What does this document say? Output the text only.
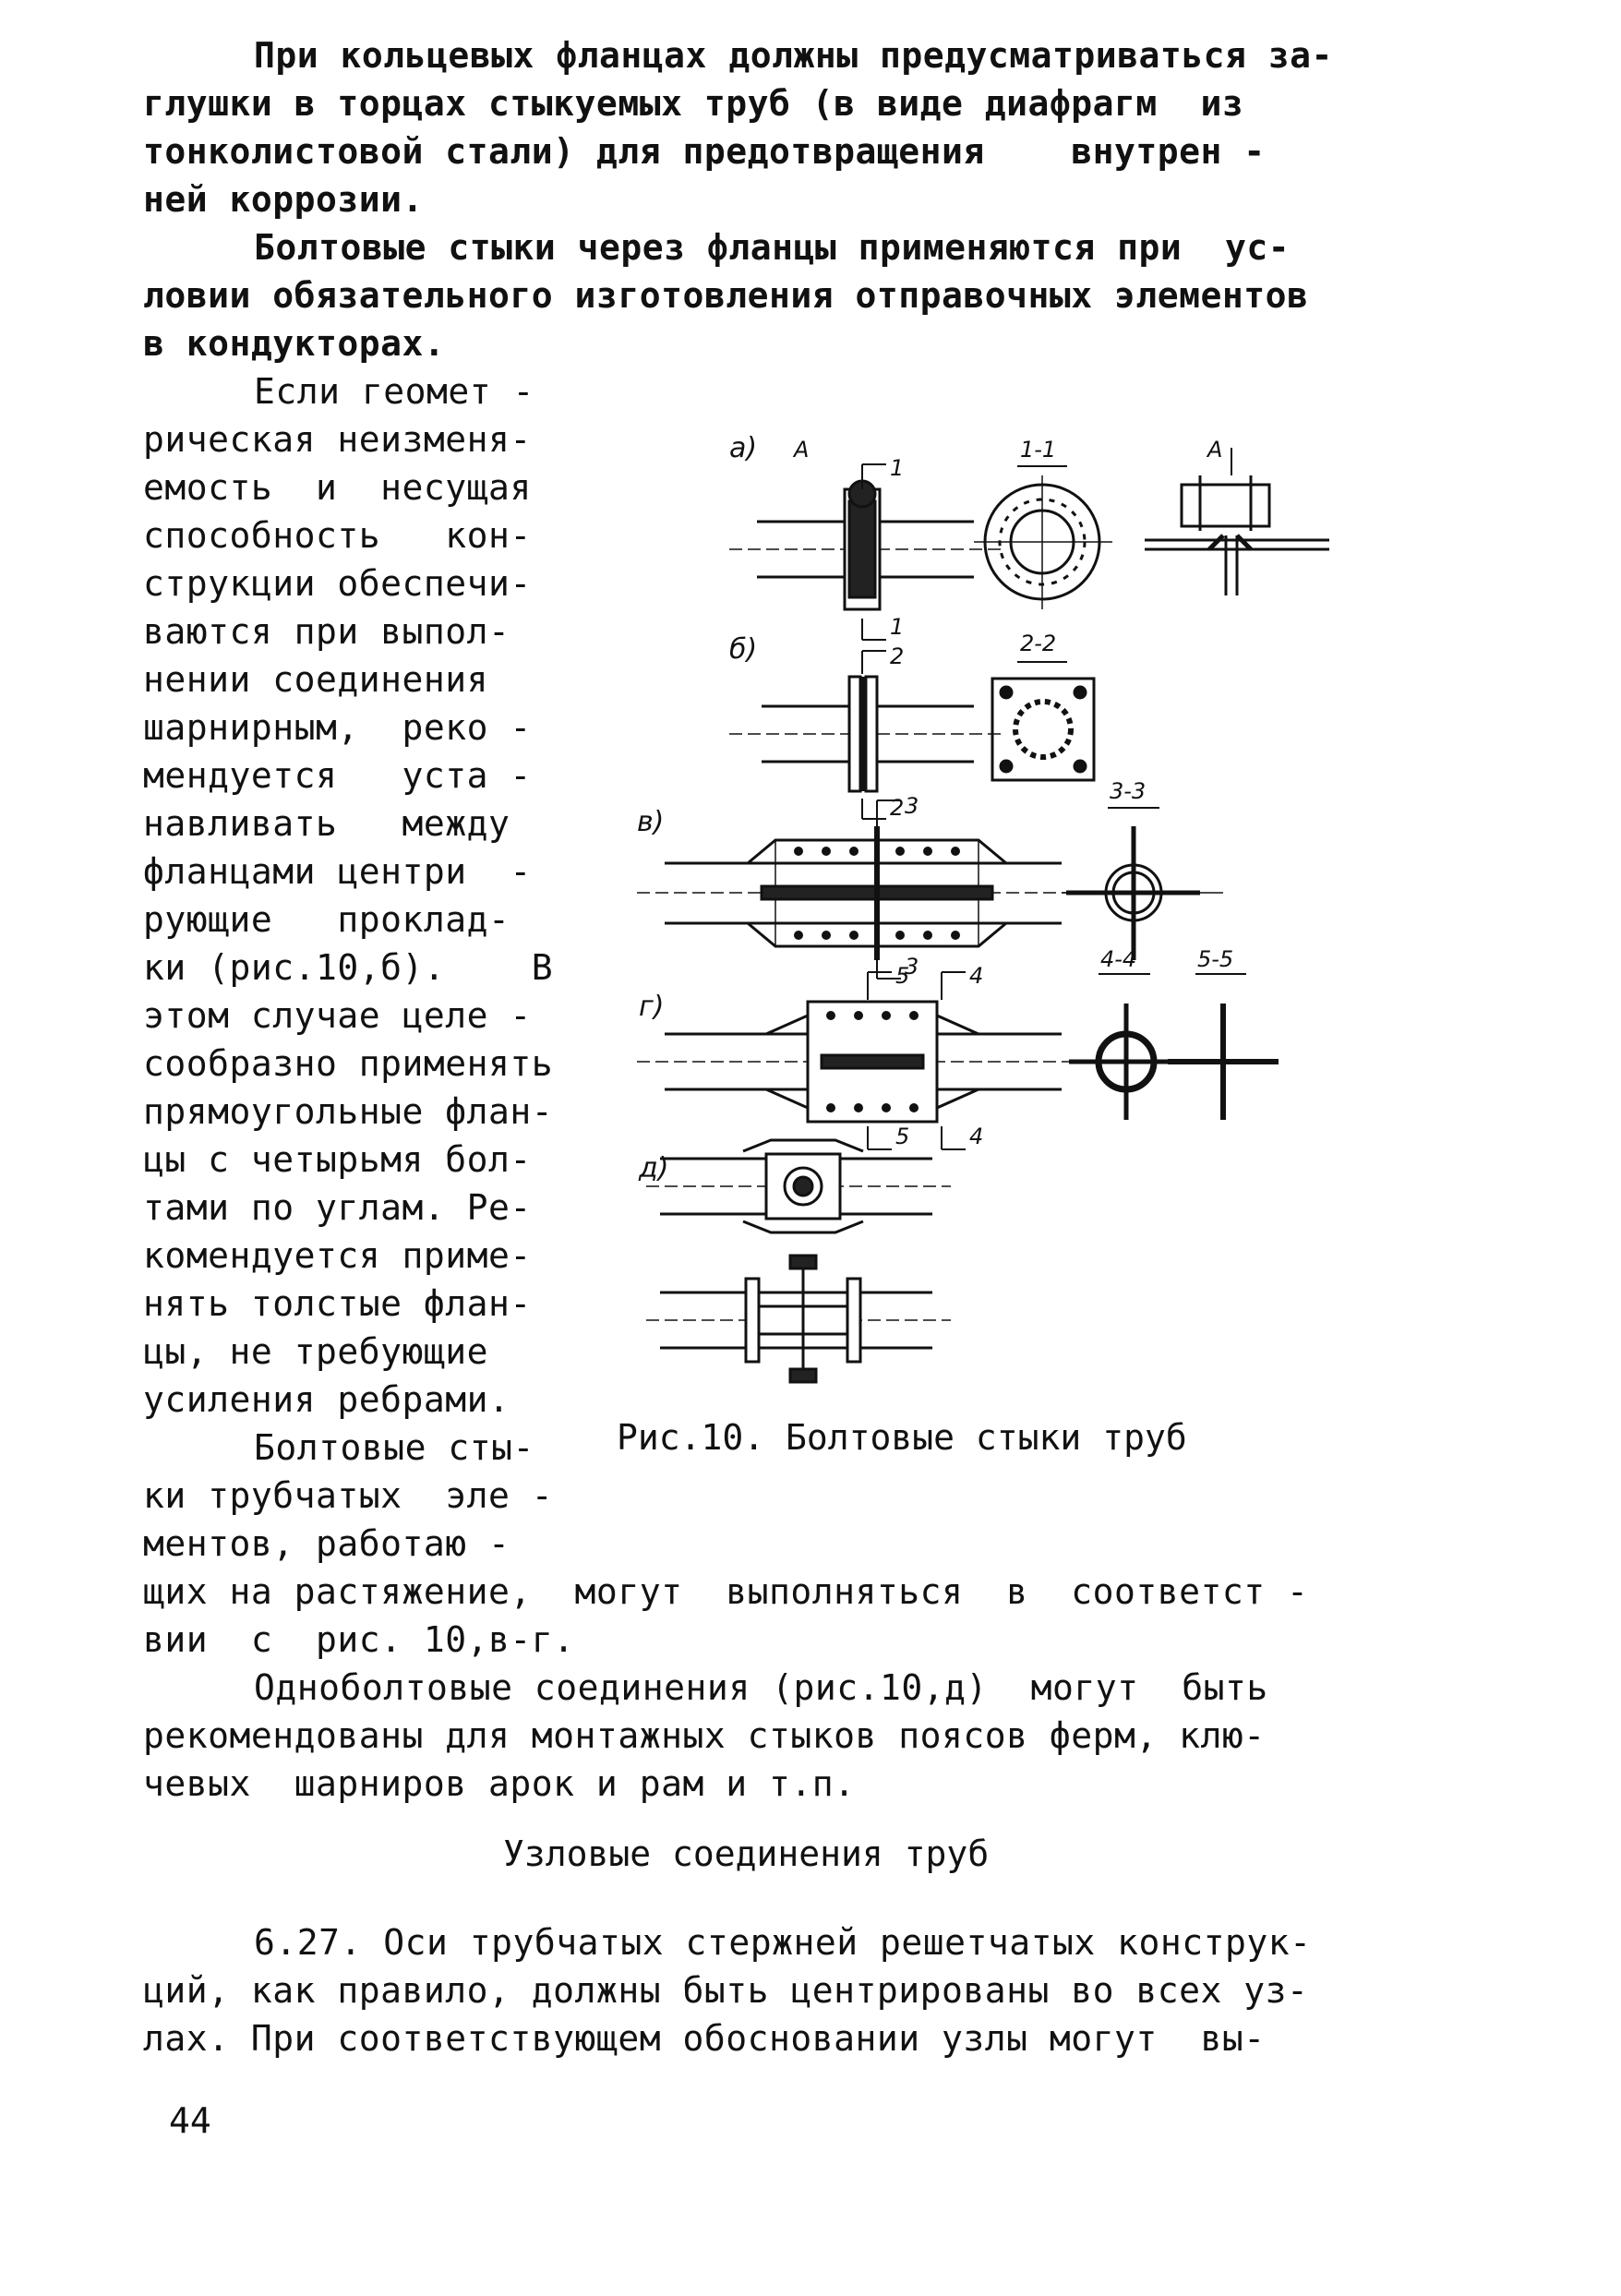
При кольцевых фланцах должны предусматриваться за-
глушки в торцах стыкуемых труб (в виде диафрагм  из
тонколистовой стали) для предотвращения    внутрен -
ней коррозии.
Болтовые стыки через фланцы применяются при  ус-
ловии обязательного изготовления отправочных элементов
в кондукторах.
Если геомет -
рическая неизменя-
емость  и  несущая
способность   кон-
струкции обеспечи-
ваются при выпол-
нении соединения
шарнирным,  реко -
мендуется   уста -
навливать   между
фланцами центри  -
рующие   проклад-
ки (рис.10,б).    В
этом случае целе -
сообразно применять
прямоугольные флан-
цы с четырьмя бол-
тами по углам. Ре-
комендуется приме-
нять толстые флан-
цы, не требующие
усиления ребрами.
Болтовые сты-
ки трубчатых  эле -
ментов, работаю -
щих на растяжение,  могут  выполняться  в  соответст -
вии  с  рис. 10,в-г.
Одноболтовые соединения (рис.10,д)  могут  быть
рекомендованы для монтажных стыков поясов ферм, клю-
чевых  шарниров арок и рам и т.п.
Узловые соединения труб
6.27. Оси трубчатых стержней решетчатых конструк-
ций, как правило, должны быть центрированы во всех уз-
лах. При соответствующем обосновании узлы могут  вы-
44
а) А
1
1
1-1	А
б)	2
2
2-2
в)	3
3
3-3
г)
5	4
5	4
4-4	5-5
д)
Рис.10. Болтовые стыки труб
